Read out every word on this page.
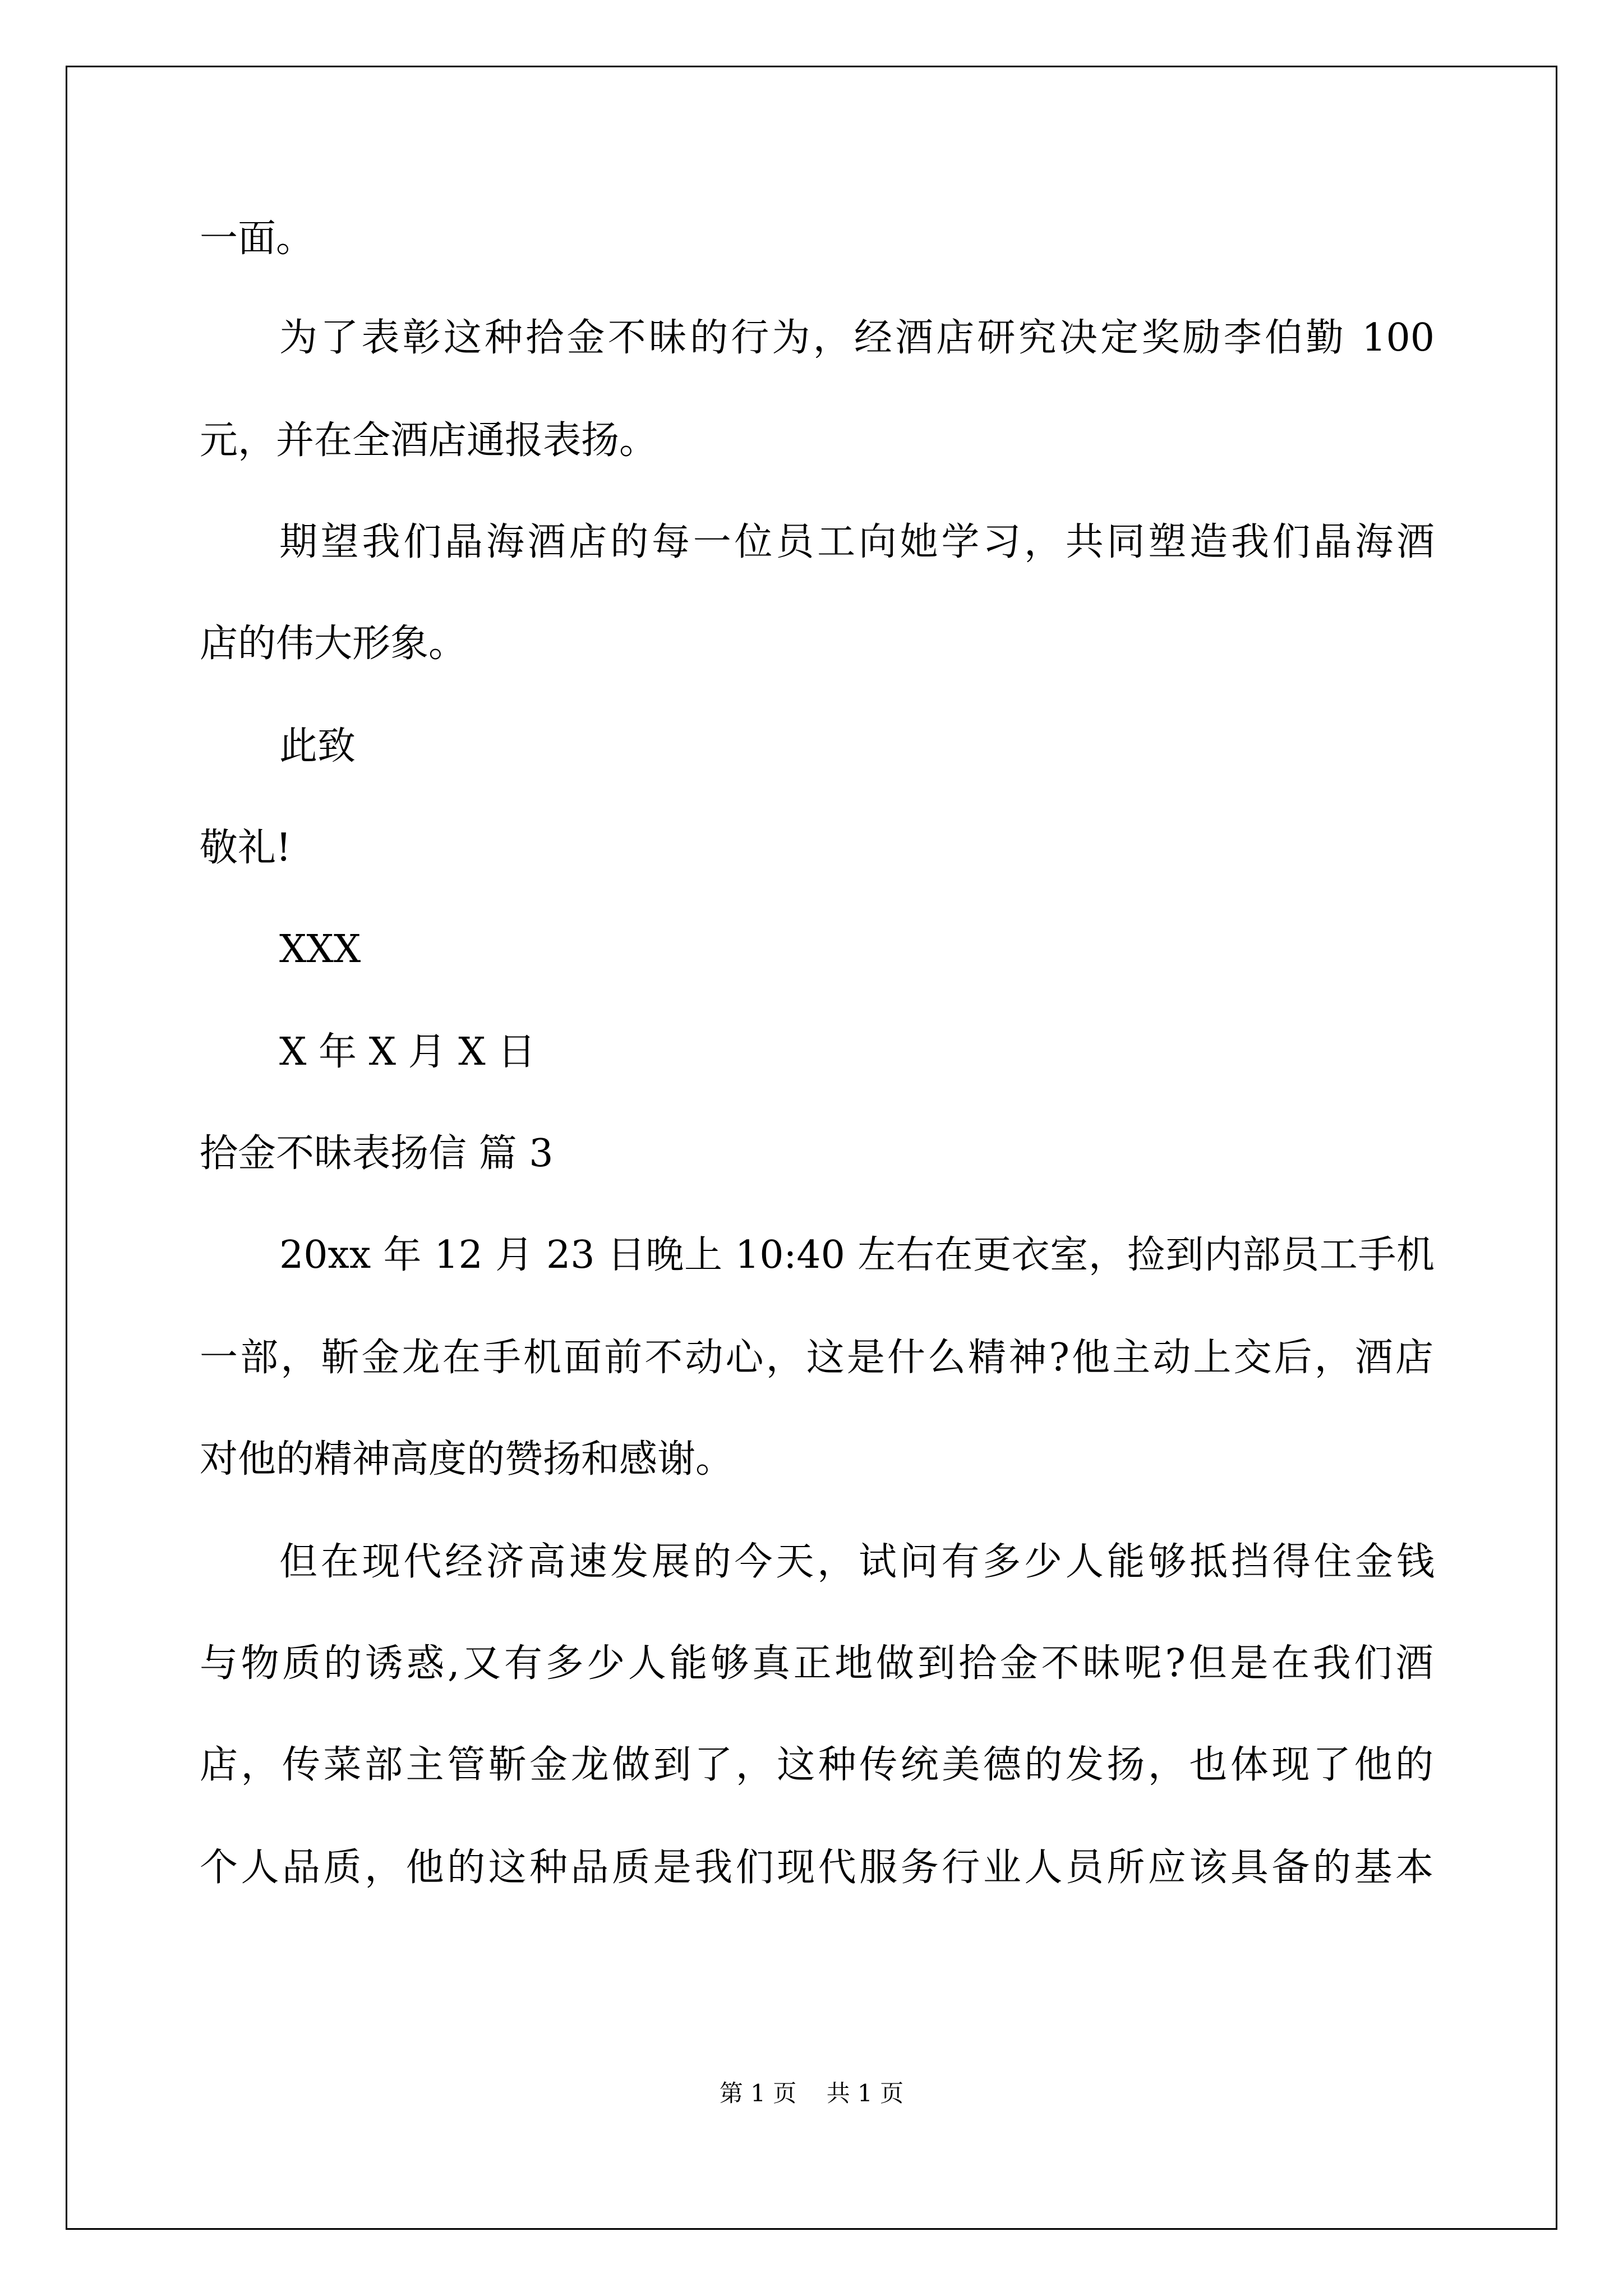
一面。
为了表彰这种拾金不昧的行为，经酒店研究决定奖励李伯勤 100
元，并在全酒店通报表扬。
期望我们晶海酒店的每一位员工向她学习，共同塑造我们晶海酒
店的伟大形象。
此致
敬礼!
XXX
X 年 X 月 X 日
拾金不昧表扬信 篇 3
20xx 年 12 月 23 日晚上 10:40 左右在更衣室，捡到内部员工手机
一部，靳金龙在手机面前不动心，这是什么精神?他主动上交后，酒店
对他的精神高度的赞扬和感谢。
但在现代经济高速发展的今天，试问有多少人能够抵挡得住金钱
与物质的诱惑,又有多少人能够真正地做到拾金不昧呢?但是在我们酒
店，传菜部主管靳金龙做到了，这种传统美德的发扬，也体现了他的
个人品质，他的这种品质是我们现代服务行业人员所应该具备的基本
第 1 页    共 1 页
